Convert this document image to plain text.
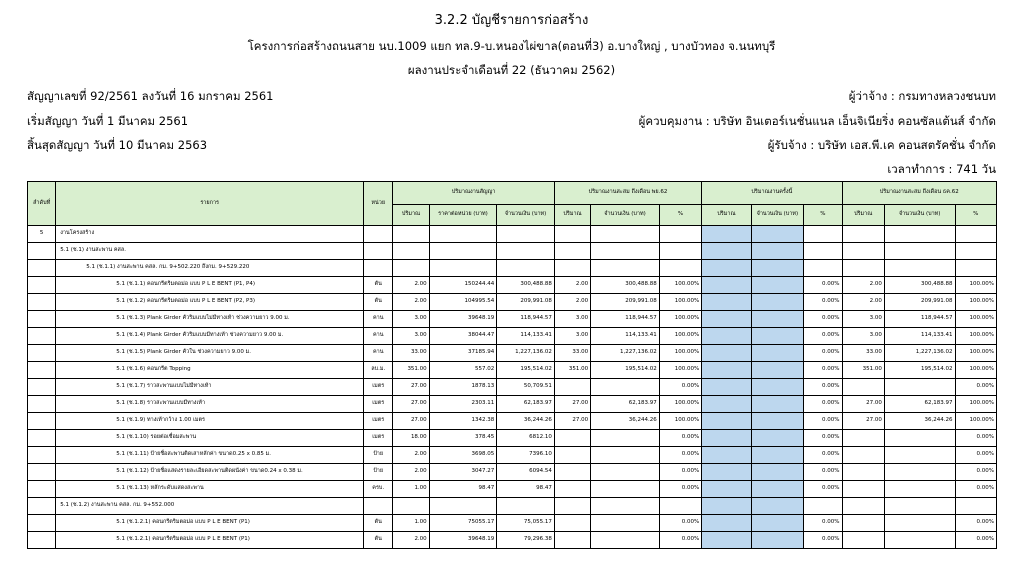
3.2.2 บัญชีรายการก่อสร้าง
โครงการก่อสร้างถนนสาย นบ.1009 แยก ทล.9-บ.หนองไผ่ขาล(ตอนที่3) อ.บางใหญ่ , บางบัวทอง จ.นนทบุรี
ผลงานประจำเดือนที่ 22 (ธันวาคม 2562)
สัญญาเลขที่ 92/2561 ลงวันที่ 16 มกราคม 2561
เริ่มสัญญา วันที่ 1 มีนาคม 2561
สิ้นสุดสัญญา วันที่ 10 มีนาคม 2563
ผู้ว่าจ้าง : กรมทางหลวงชนบท
ผู้ควบคุมงาน : บริษัท อินเตอร์เนชั่นแนล เอ็นจิเนียริ่ง คอนซัลแต้นส์ จำกัด
ผู้รับจ้าง : บริษัท เอส.พี.เค คอนสตรัคชั่น จำกัด
เวลาทำการ : 741 วัน
ลำดับที่	รายการ	หน่วย	ปริมาณงานสัญญา			ปริมาณงานสะสม ถึงเดือน พย.62			ปริมาณงานครั้งนี้			ปริมาณงานสะสม ถึงเดือน ธค.62		
			ปริมาณ	ราคาต่อหน่วย (บาท)	จำนวนเงิน (บาท)	ปริมาณ	จำนวนเงิน (บาท)	%	ปริมาณ	จำนวนเงิน (บาท)	%	ปริมาณ	จำนวนเงิน (บาท)	%
5	งานโครงสร้าง													
	5.1 (ช.1) งานสะพาน คสล.													
	5.1 (ช.1.1) งานสะพาน คสล. กม. 9+502.220 ถึงกม. 9+529.220													
	5.1 (ช.1.1) คอนกรีตริมตอม่อ แบบ P L E BENT (P1, P4)	ตัน	2.00	150244.44	300,488.88	2.00	300,488.88	100.00%			0.00%	2.00	300,488.88	100.00%
	5.1 (ช.1.2) คอนกรีตริมตอม่อ แบบ P L E BENT (P2, P3)	ตัน	2.00	104995.54	209,991.08	2.00	209,991.08	100.00%			0.00%	2.00	209,991.08	100.00%
	5.1 (ช.1.3) Plank Girder คัวริมแบบไม่มีทางเท้า ช่วงความยาว 9.00 ม.	คาน	3.00	39648.19	118,944.57	3.00	118,944.57	100.00%			0.00%	3.00	118,944.57	100.00%
	5.1 (ช.1.4) Plank Girder คัวริมแบบมีทางเท้า ช่วงความยาว 9.00 ม.	คาน	3.00	38044.47	114,133.41	3.00	114,133.41	100.00%			0.00%	3.00	114,133.41	100.00%
	5.1 (ช.1.5) Plank Girder คัวใน ช่วงความยาว 9.00 ม.	คาน	33.00	37185.94	1,227,136.02	33.00	1,227,136.02	100.00%			0.00%	33.00	1,227,136.02	100.00%
	5.1 (ช.1.6) คอนกรีต Topping	ลบ.ม.	351.00	557.02	195,514.02	351.00	195,514.02	100.00%			0.00%	351.00	195,514.02	100.00%
	5.1 (ช.1.7) ราวสะพานแบบไม่มีทางเท้า	เมตร	27.00	1878.13	50,709.51			0.00%			0.00%			0.00%
	5.1 (ช.1.8) ราวสะพานแบบมีทางเท้า	เมตร	27.00	2303.11	62,183.97	27.00	62,183.97	100.00%			0.00%	27.00	62,183.97	100.00%
	5.1 (ช.1.9) ทางเท้ากว้าง 1.00 เมตร	เมตร	27.00	1342.38	36,244.26	27.00	36,244.26	100.00%			0.00%	27.00	36,244.26	100.00%
	5.1 (ช.1.10) รอยต่อเชื่อมสะพาน	เมตร	18.00	378.45	6812.10			0.00%			0.00%			0.00%
	5.1 (ช.1.11) ป้ายชื่อสะพานติดเสาหลักค่า ขนาด0.25 x 0.85 ม.	ป้าย	2.00	3698.05	7396.10			0.00%			0.00%			0.00%
	5.1 (ช.1.12) ป้ายชื่อแสดงรายละเอียดสะพานติดผนังค่า ขนาด0.24 x 0.38 ม.	ป้าย	2.00	3047.27	6094.54			0.00%			0.00%			0.00%
	5.1 (ช.1.13) หลักระดับแสดงสะพาน	ครบ.	1.00	98.47	98.47			0.00%			0.00%			0.00%
	5.1 (ช.1.2) งานสะพาน คสล. กม. 9+552.000													
	5.1 (ช.1.2.1) คอนกรีตริมตอม่อ แบบ P L E BENT (P1)	ตัน	1.00	75055.17	75,055.17			0.00%			0.00%			0.00%
	5.1 (ช.1.2.1) คอนกรีตริมตอม่อ แบบ P L E BENT (P1)	ตัน	2.00	39648.19	79,296.38			0.00%			0.00%			0.00%
